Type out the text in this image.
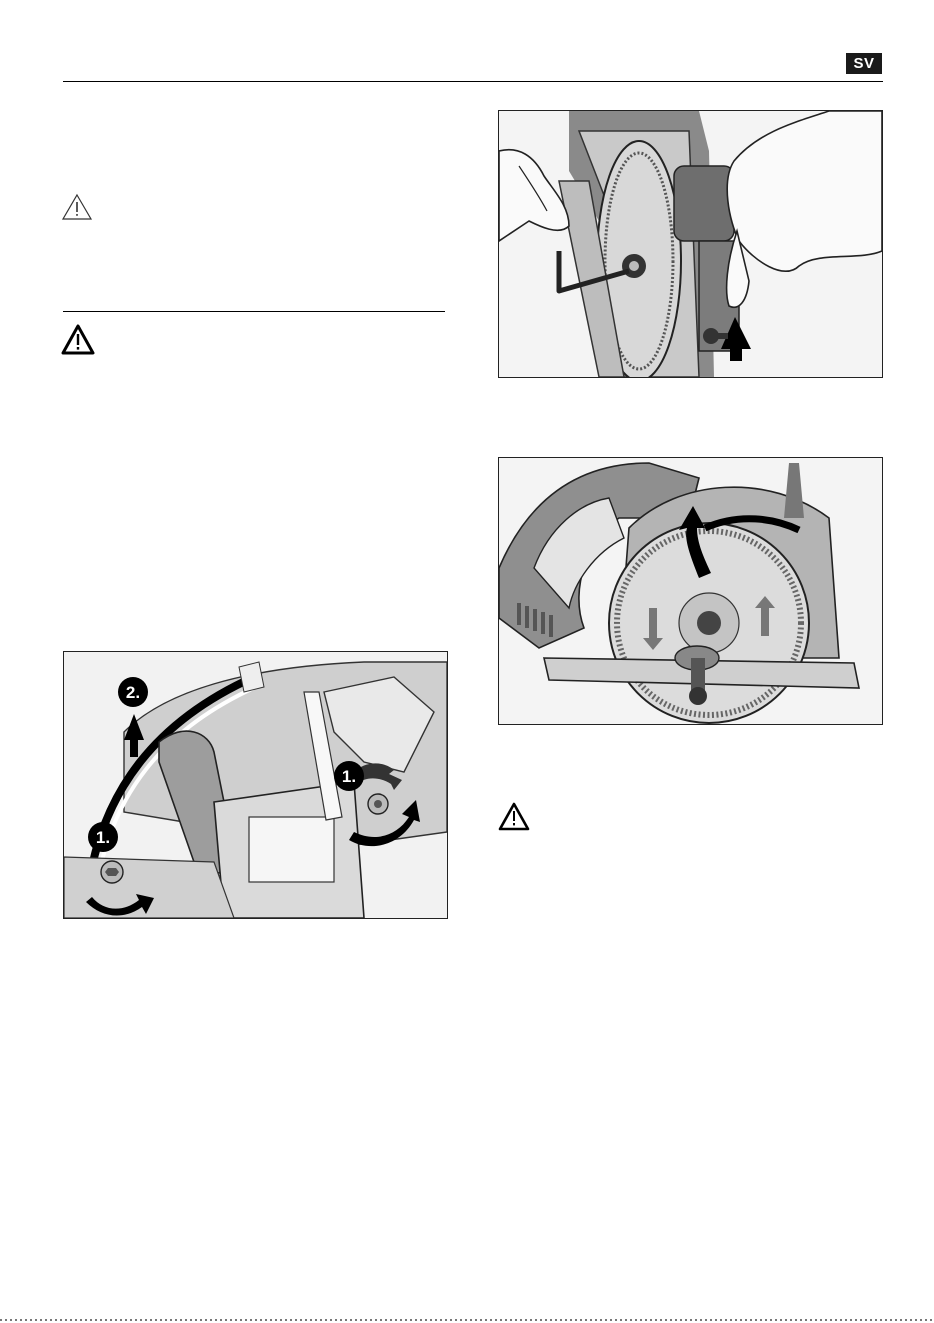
SV
2.
1.
1.
